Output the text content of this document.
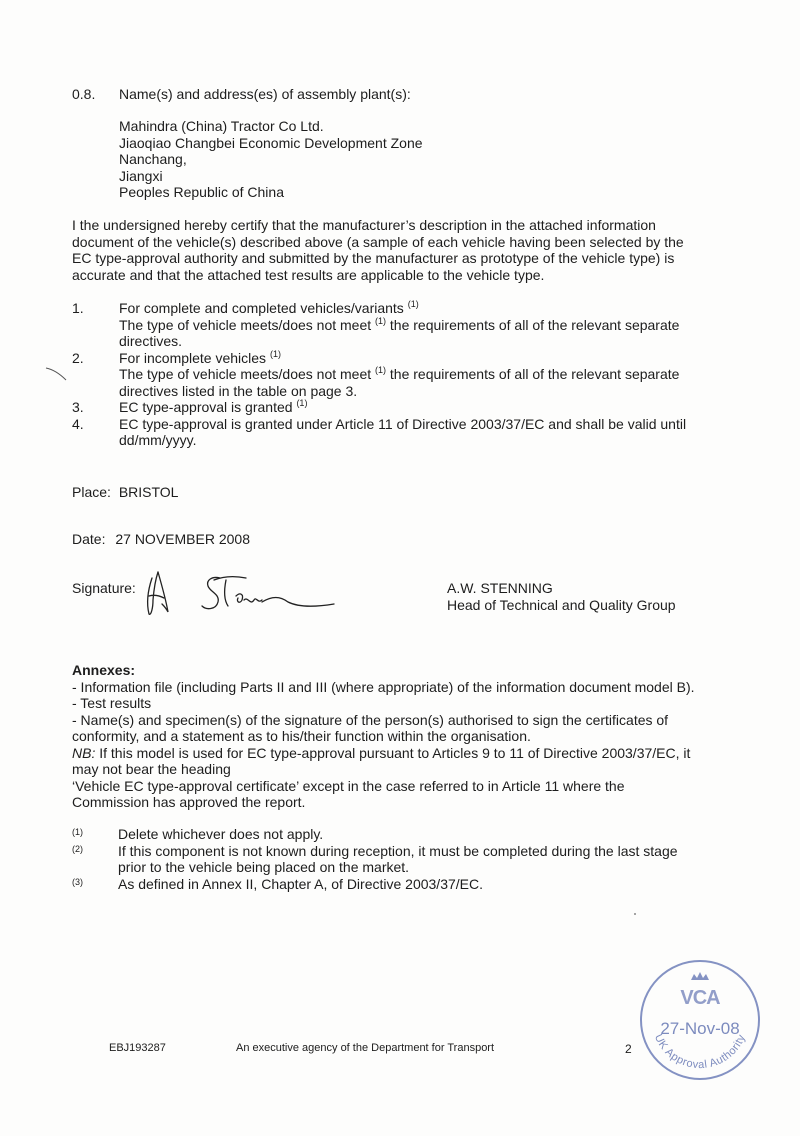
0.8. Name(s) and address(es) of assembly plant(s):
Mahindra (China) Tractor Co Ltd.
Jiaoqiao Changbei Economic Development Zone
Nanchang,
Jiangxi
Peoples Republic of China
I the undersigned hereby certify that the manufacturer’s description in the attached information
document of the vehicle(s) described above (a sample of each vehicle having been selected by the
EC type-approval authority and submitted by the manufacturer as prototype of the vehicle type) is
accurate and that the attached test results are applicable to the vehicle type.
1.	For complete and completed vehicles/variants $^{(1)}$
The type of vehicle meets/does not meet $^{(1)}$ the requirements of all of the relevant separate
directives.
2.	For incomplete vehicles $^{(1)}$
The type of vehicle meets/does not meet $^{(1)}$ the requirements of all of the relevant separate
directives listed in the table on page 3.
3.	EC type-approval is granted $^{(1)}$
4.	EC type-approval is granted under Article 11 of Directive 2003/37/EC and shall be valid until
dd/mm/yyyy.
Place: BRISTOL
Date: 27 NOVEMBER 2008
Signature:	A.W. STENNING
Head of Technical and Quality Group
Annexes:
- Information file (including Parts II and III (where appropriate) of the information document model B).
- Test results
- Name(s) and specimen(s) of the signature of the person(s) authorised to sign the certificates of
conformity, and a statement as to his/their function within the organisation.
NB: If this model is used for EC type-approval pursuant to Articles 9 to 11 of Directive 2003/37/EC, it
may not bear the heading
‘Vehicle EC type-approval certificate’ except in the case referred to in Article 11 where the
Commission has approved the report.
(1)	Delete whichever does not apply.
(2)	If this component is not known during reception, it must be completed during the last stage
prior to the vehicle being placed on the market.
(3)	As defined in Annex II, Chapter A, of Directive 2003/37/EC.
EBJ193287	An executive agency of the Department for Transport	2
VCA
27-Nov-08
UK Approval Authority
